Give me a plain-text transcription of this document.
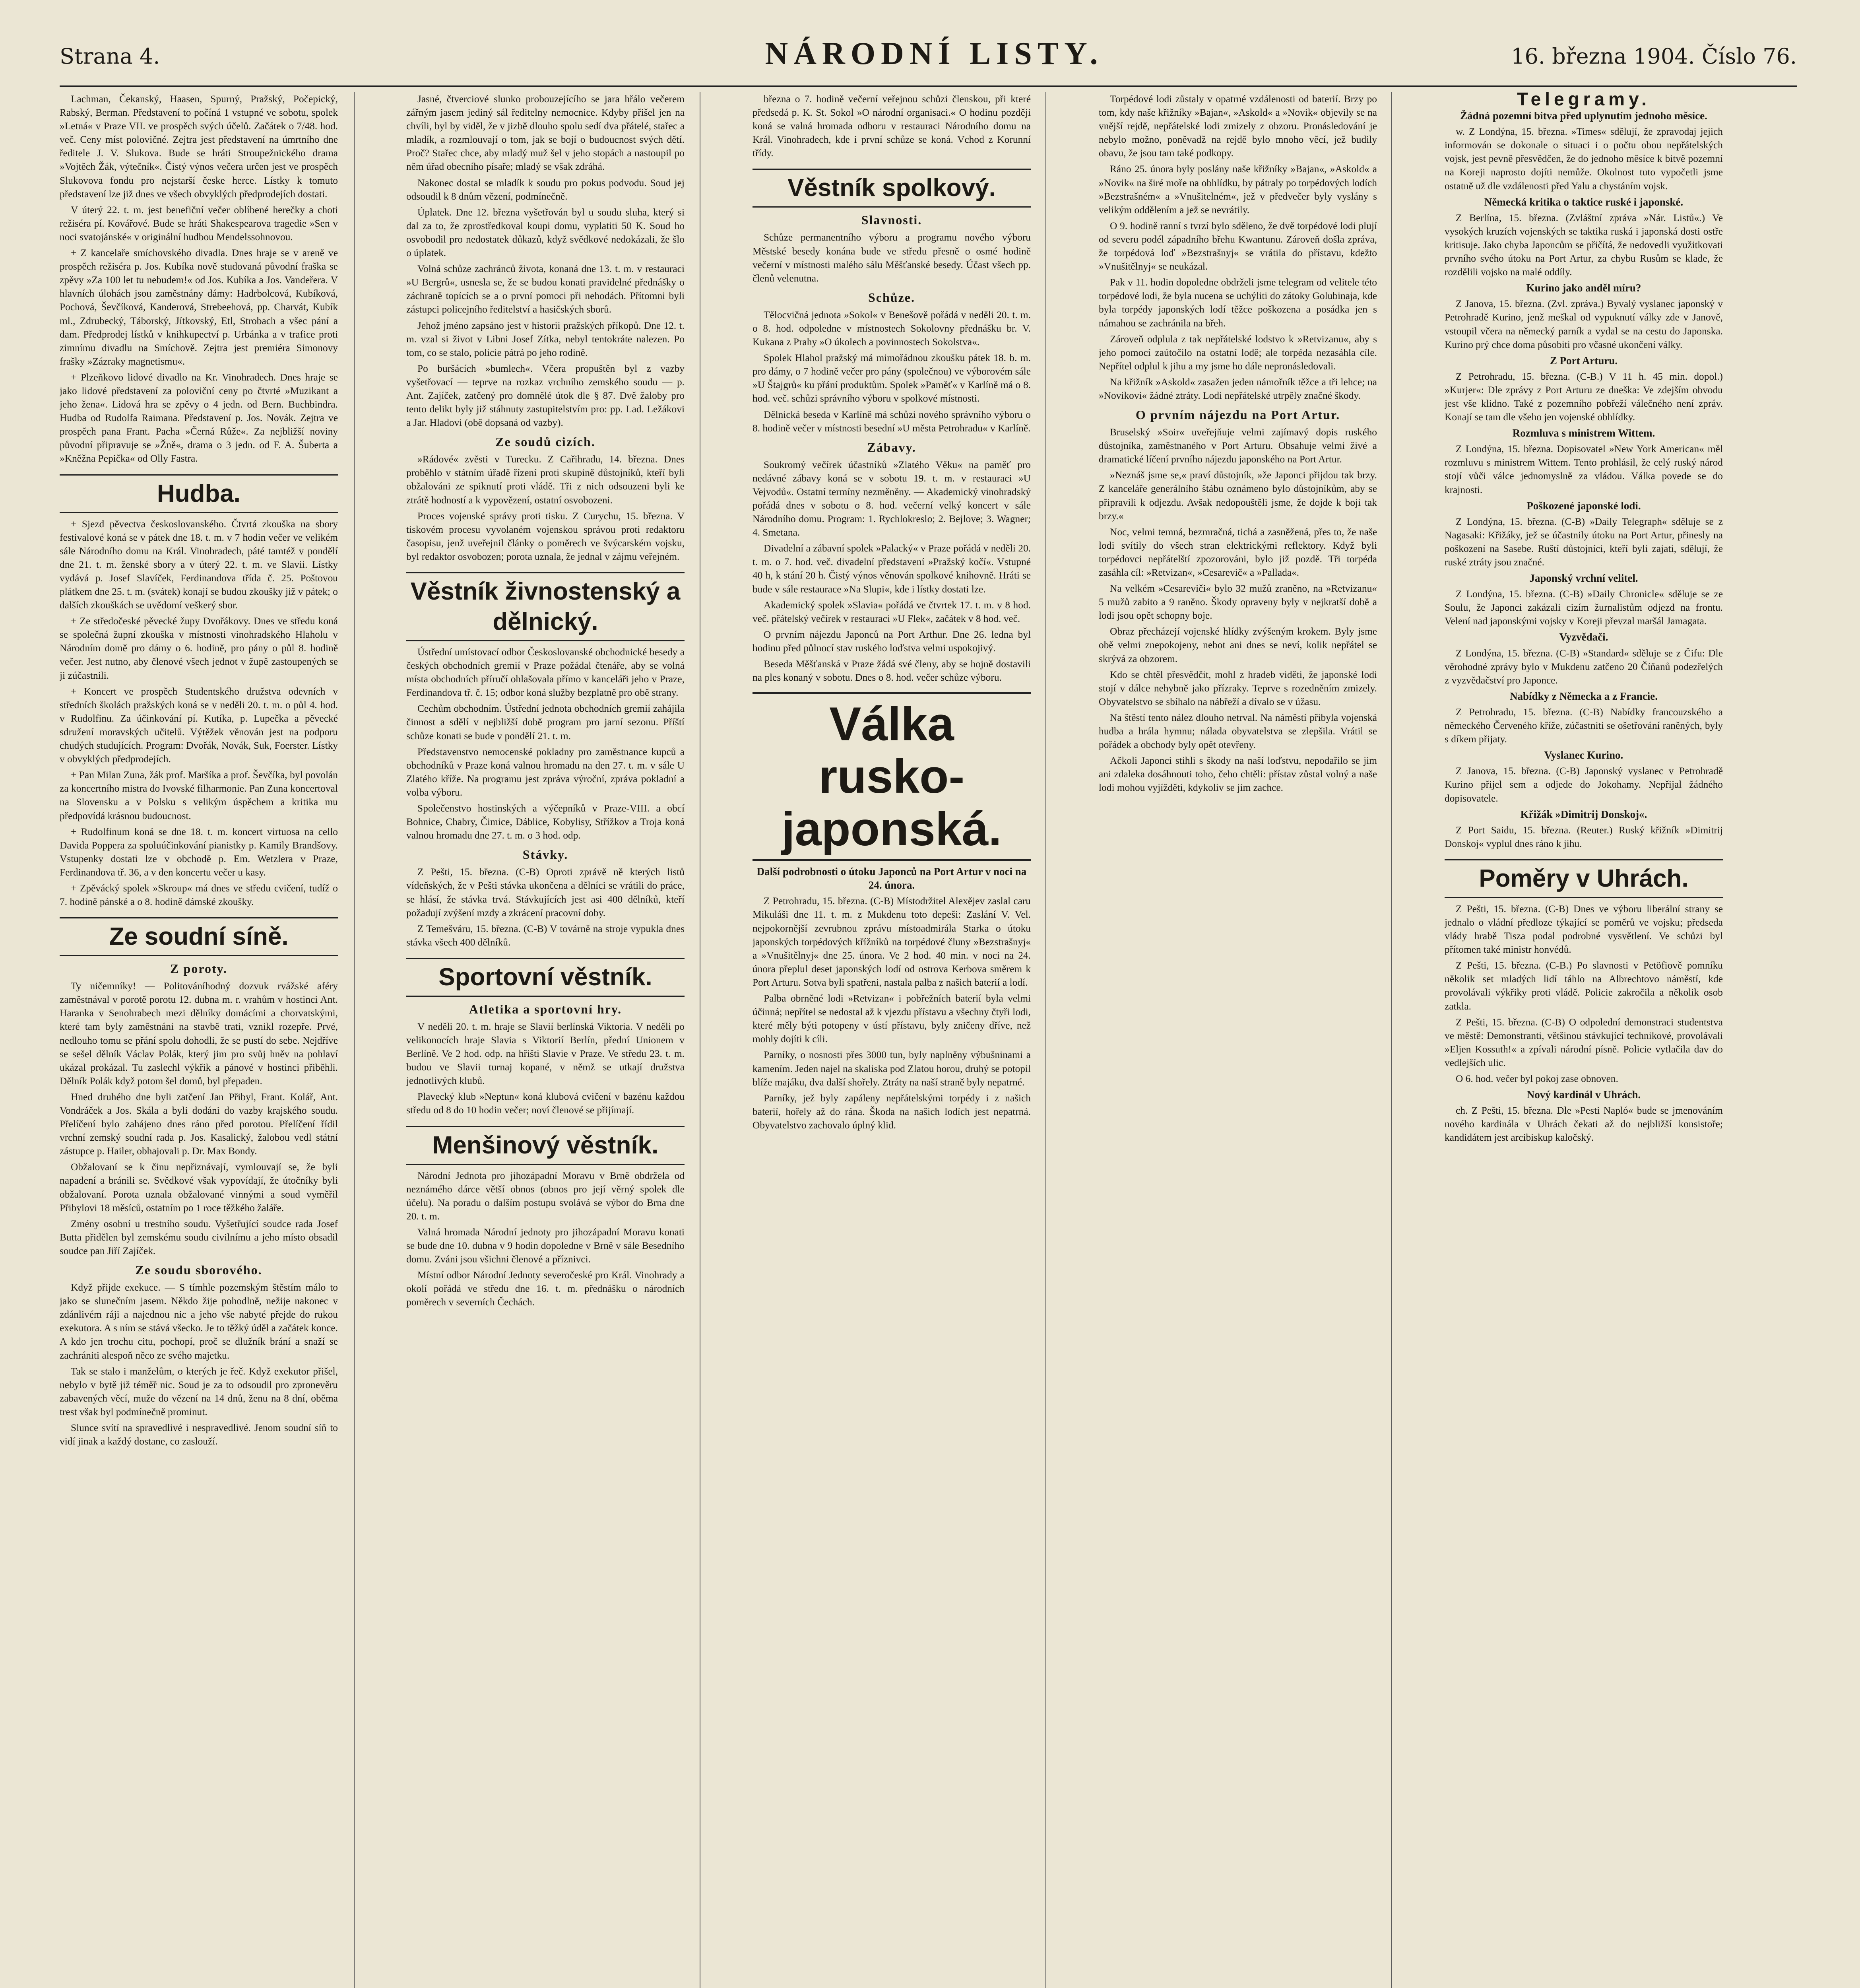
Strana 4.	NÁRODNÍ LISTY.	16. března 1904. Číslo 76.

Lachman, Čekanský, Haasen, Spurný, Pražský, Počepický, Rabský, Berman. Představení to počíná 1 vstupné ve sobotu, spolek »Letná« v Praze VII. ve prospěch svých účelů. Začátek o 7/48. hod. več. Ceny míst polovičné. Zejtra jest představení na úmrtního dne ředitele J. V. Slukova. Bude se hráti Stroupežnického drama »Vojtěch Žák, výtečník«. Čistý výnos večera určen jest ve prospěch Slukovova fondu pro nejstarší česke herce. Lístky k tomuto představení lze již dnes ve všech obvyklých předprodejích dostati.

V úterý 22. t. m. jest benefiční večer oblíbené herečky a choti režiséra pí. Kovářové. Bude se hráti Shakespearova tragedie »Sen v noci svatojánské« v originální hudbou Mendelssohnovou.

+ Z kancelaře smíchovského divadla. Dnes hraje se v areně ve prospěch režiséra p. Jos. Kubíka nově studovaná původní fraška se zpěvy »Za 100 let tu nebudem!« od Jos. Kubíka a Jos. Vandeřera. V hlavních úlohách jsou zaměstnány dámy: Hadrbolcová, Kubíková, Pochová, Ševčíková, Kanderová, Strebeehová, pp. Charvát, Kubík ml., Zdrubecký, Táborský, Jítkovský, Etl, Strobach a všec pání a dam. Předprodej lístků v knihkupectví p. Urbánka a v trafice proti zimnímu divadlu na Smíchově. Zejtra jest premiéra Simonovy frašky »Zázraky magnetismu«.

+ Plzeňkovo lidové divadlo na Kr. Vinohradech. Dnes hraje se jako lidové představení za poloviční ceny po čtvrté »Muzikant a jeho žena«. Lidová hra se zpěvy o 4 jedn. od Bern. Buchbindra. Hudba od Rudolfa Raimana. Představení p. Jos. Novák. Zejtra ve prospěch pana Frant. Pacha »Černá Růže«. Za nejbližší noviny původní připravuje se »Žně«, drama o 3 jedn. od F. A. Šuberta a »Kněžna Pepička« od Olly Fastra.

Hudba.

+ Sjezd pěvectva českoslovanského. Čtvrtá zkouška na sbory festivalové koná se v pátek dne 18. t. m. v 7 hodin večer ve velikém sále Národního domu na Král. Vinohradech, páté tamtéž v pondělí dne 21. t. m. ženské sbory a v úterý 22. t. m. ve Slavii. Lístky vydává p. Josef Slavíček, Ferdinandova třída č. 25. Poštovou plátkem dne 25. t. m. (svátek) konají se budou zkoušky již v pátek; o dalších zkouškách se uvědomí veškerý sbor.

+ Ze středočeské pěvecké župy Dvořákovy. Dnes ve středu koná se společná župní zkouška v místnosti vinohradského Hlaholu v Národním domě pro dámy o 6. hodině, pro pány o půl 8. hodině večer. Jest nutno, aby členové všech jednot v župě zastoupených se ji zúčastnili.

+ Koncert ve prospěch Studentského družstva odevních v středních školách pražských koná se v neděli 20. t. m. o půl 4. hod. v Rudolfinu. Za účinkování pí. Kutíka, p. Lupečka a pěvecké sdružení moravských učitelů. Výtěžek věnován jest na podporu chudých studujících. Program: Dvořák, Novák, Suk, Foerster. Lístky v obvyklých předprodejích.

+ Pan Milan Zuna, žák prof. Maršíka a prof. Ševčíka, byl povolán za koncertního mistra do Ivovské filharmonie. Pan Zuna koncertoval na Slovensku a v Polsku s velikým úspěchem a kritika mu předpovídá krásnou budoucnost.

+ Rudolfinum koná se dne 18. t. m. koncert virtuosa na cello Davida Poppera za spoluúčinkování pianistky p. Kamily Brandšovy. Vstupenky dostati lze v obchodě p. Em. Wetzlera v Praze, Ferdinandova tř. 36, a v den koncertu večer u kasy.

+ Zpěvácký spolek »Skroup« má dnes ve středu cvičení, tudíž o 7. hodině pánské a o 8. hodině dámské zkoušky.

Ze soudní síně.
Z poroty.

Ty ničemníky! — Politováníhodný dozvuk rvážské aféry zaměstnával v porotě porotu 12. dubna m. r. vrahům v hostinci Ant. Haranka v Senohrabech mezi dělníky domácími a chorvatskými, které tam byly zaměstnáni na stavbě trati, vznikl rozepře. Prvé, nedlouho tomu se přání spolu dohodli, že se pustí do sebe. Nejdříve se sešel dělník Václav Polák, který jim pro svůj hněv na pohlaví ukázal prokázal. Tu zaslechl výkřik a pánové v hostinci přiběhli. Dělník Polák když potom šel domů, byl přepaden.

Hned druhého dne byli zatčení Jan Přibyl, Frant. Kolář, Ant. Vondráček a Jos. Skála a byli dodáni do vazby krajského soudu. Přelíčení bylo zahájeno dnes ráno před porotou. Přelíčení řídil vrchní zemský soudní rada p. Jos. Kasalický, žalobou vedl státní zástupce p. Hailer, obhajovali p. Dr. Max Bondy.

Obžalovaní se k činu nepřiznávají, vymlouvají se, že byli napadení a bránili se. Svědkové však vypovídají, že útočníky byli obžalovaní. Porota uznala obžalované vinnými a soud vyměřil Přibylovi 18 měsíců, ostatním po 1 roce těžkého žaláře.

Zmény osobní u trestního soudu. Vyšetřující soudce rada Josef Butta přidělen byl zemskému soudu civilnímu a jeho místo obsadil soudce pan Jiří Zajíček.

Ze soudu sborového.

Když přijde exekuce. — S tímhle pozemským štěstím málo to jako se slunečním jasem. Někdo žije pohodlně, nežije nakonec v zdánlivém ráji a najednou nic a jeho vše nabyté přejde do rukou exekutora. A s ním se stává všecko. Je to těžký úděl a začátek konce. A kdo jen trochu citu, pochopí, proč se dlužník brání a snaží se zachrániti alespoň něco ze svého majetku.

Tak se stalo i manželům, o kterých je řeč. Když exekutor přišel, nebylo v bytě již téměř nic. Soud je za to odsoudil pro zpronevěru zabavených věcí, muže do vězení na 14 dnů, ženu na 8 dní, oběma trest však byl podmínečně prominut.

Slunce svítí na spravedlivé i nespravedlivé. Jenom soudní síň to vidí jinak a každý dostane, co zaslouží.

Jasné, čtverciové slunko probouzejícího se jara hřálo večerem zářným jasem jediný sál ředitelny nemocnice. Kdyby přišel jen na chvíli, byl by viděl, že v jizbě dlouho spolu sedí dva přátelé, stařec a mladík, a rozmlouvají o tom, jak se bojí o budoucnost svých dětí. Proč? Stařec chce, aby mladý muž šel v jeho stopách a nastoupil po něm úřad obecního písaře; mladý se však zdráhá.

Nakonec dostal se mladík k soudu pro pokus podvodu. Soud jej odsoudil k 8 dnům vězení, podmínečně.

Úplatek. Dne 12. března vyšetřován byl u soudu sluha, který si dal za to, že zprostředkoval koupi domu, vyplatiti 50 K. Soud ho osvobodil pro nedostatek důkazů, když svědkové nedokázali, že šlo o úplatek.

Volná schůze zachránců života, konaná dne 13. t. m. v restauraci »U Bergrů«, usnesla se, že se budou konati pravidelné přednášky o záchraně topících se a o první pomoci při nehodách. Přítomni byli zástupci policejního ředitelství a hasičských sborů.

Jehož jméno zapsáno jest v historii pražských příkopů. Dne 12. t. m. vzal si život v Libni Josef Zítka, nebyl tentokráte nalezen. Po tom, co se stalo, policie pátrá po jeho rodině.

Po buršácích »bumlech«. Včera propuštěn byl z vazby vyšetřovací — teprve na rozkaz vrchního zemského soudu — p. Ant. Zajíček, zatčený pro domnělé útok dle § 87. Dvě žaloby pro tento delikt byly již stáhnuty zastupitelstvím pro: pp. Lad. Ležákovi a Jar. Hladovi (obě dopsaná od vazby).

Ze soudů cizích.

»Rádové« zvěsti v Turecku. Z Cařihradu, 14. března. Dnes proběhlo v státním úřadě řízení proti skupině důstojníků, kteří byli obžalováni ze spiknutí proti vládě. Tři z nich odsouzeni byli ke ztrátě hodností a k vypovězení, ostatní osvobozeni.

Proces vojenské správy proti tisku. Z Curychu, 15. března. V tiskovém procesu vyvolaném vojenskou správou proti redaktoru časopisu, jenž uveřejnil články o poměrech ve švýcarském vojsku, byl redaktor osvobozen; porota uznala, že jednal v zájmu veřejném.

Věstník živnostenský a dělnický.

Ústřední umístovací odbor Českoslovanské obchodnické besedy a českých obchodních gremií v Praze požádal čtenáře, aby se volná místa obchodních příručí ohlašovala přímo v kanceláři jeho v Praze, Ferdinandova tř. č. 15; odbor koná služby bezplatně pro obě strany.

Cechům obchodním. Ústřední jednota obchodních gremií zahájila činnost a sdělí v nejbližší době program pro jarní sezonu. Příští schůze konati se bude v pondělí 21. t. m.

Představenstvo nemocenské pokladny pro zaměstnance kupců a obchodníků v Praze koná valnou hromadu na den 27. t. m. v sále U Zlatého kříže. Na programu jest zpráva výroční, zpráva pokladní a volba výboru.

Společenstvo hostinských a výčepníků v Praze-VIII. a obcí Bohnice, Chabry, Čimice, Dáblice, Kobylisy, Střížkov a Troja koná valnou hromadu dne 27. t. m. o 3 hod. odp.

Stávky.

Z Pešti, 15. března. (C-B) Oproti zprávě ně kterých listů vídeňských, že v Pešti stávka ukončena a dělníci se vrátili do práce, se hlásí, že stávka trvá. Stávkujících jest asi 400 dělníků, kteří požadují zvýšení mzdy a zkrácení pracovní doby.

Z Temešváru, 15. března. (C-B) V továrně na stroje vypukla dnes stávka všech 400 dělníků.

Sportovní věstník.
Atletika a sportovní hry.

V neděli 20. t. m. hraje se Slavií berlínská Viktoria. V neděli po velikonocích hraje Slavia s Viktorií Berlín, přední Unionem v Berlíně. Ve 2 hod. odp. na hřišti Slavie v Praze. Ve středu 23. t. m. budou ve Slavii turnaj kopané, v němž se utkají družstva jednotlivých klubů.

Plavecký klub »Neptun« koná klubová cvičení v bazénu každou středu od 8 do 10 hodin večer; noví členové se přijímají.

Menšinový věstník.

Národní Jednota pro jihozápadní Moravu v Brně obdržela od neznámého dárce větší obnos (obnos pro její věrný spolek dle účelu). Na poradu o dalším postupu svolává se výbor do Brna dne 20. t. m.

Valná hromada Národní jednoty pro jihozápadní Moravu konati se bude dne 10. dubna v 9 hodin dopoledne v Brně v sále Besedního domu. Zváni jsou všichni členové a příznivci.

Místní odbor Národní Jednoty severočeské pro Král. Vinohrady a okolí pořádá ve středu dne 16. t. m. přednášku o národních poměrech v severních Čechách.

března o 7. hodině večerní veřejnou schůzi členskou, při které předsedá p. K. St. Sokol »O národní organisaci.« O hodinu později koná se valná hromada odboru v restauraci Národního domu na Král. Vinohradech, kde i první schůze se koná. Vchod z Korunní třídy.

Věstník spolkový.
Slavnosti.

Schůze permanentního výboru a programu nového výboru Městské besedy konána bude ve středu přesně o osmé hodině večerní v místnosti malého sálu Měšťanské besedy. Účast všech pp. členů velenutna.

Schůze.

Tělocvičná jednota »Sokol« v Benešově pořádá v neděli 20. t. m. o 8. hod. odpoledne v místnostech Sokolovny přednášku br. V. Kukana z Prahy »O úkolech a povinnostech Sokolstva«.

Spolek Hlahol pražský má mimořádnou zkoušku pátek 18. b. m. pro dámy, o 7 hodině večer pro pány (společnou) ve výborovém sále »U Štajgrů« ku přání produktům. Spolek »Paměť« v Karlíně má o 8. hod. več. schůzi správního výboru v spolkové místnosti.

Dělnická beseda v Karlíně má schůzi nového správního výboru o 8. hodině večer v místnosti besední »U města Petrohradu« v Karlíně.

Zábavy.

Soukromý večírek účastníků »Zlatého Věku« na paměť pro nedávné zábavy koná se v sobotu 19. t. m. v restauraci »U Vejvodů«. Ostatní termíny nezměněny. — Akademický vinohradský pořádá dnes v sobotu o 8. hod. večerní velký koncert v sále Národního domu. Program: 1. Rychlokreslo; 2. Bejlove; 3. Wagner; 4. Smetana.

Divadelní a zábavní spolek »Palacký« v Praze pořádá v neděli 20. t. m. o 7. hod. več. divadelní představení »Pražský kočí«. Vstupné 40 h, k stání 20 h. Čistý výnos věnován spolkové knihovně. Hráti se bude v sále restaurace »Na Slupi«, kde i lístky dostati lze.

Akademický spolek »Slavia« pořádá ve čtvrtek 17. t. m. v 8 hod. več. přátelský večírek v restauraci »U Flek«, začátek v 8 hod. več.

O prvním nájezdu Japonců na Port Arthur. Dne 26. ledna byl hodinu před půlnocí stav ruského loďstva velmi uspokojivý.

Beseda Měšťanská v Praze žádá své členy, aby se hojně dostavili na ples konaný v sobotu. Dnes o 8. hod. večer schůze výboru.

Válka rusko-japonská.
Další podrobnosti o útoku Japonců na Port Artur v noci na 24. února.

Z Petrohradu, 15. března. (C-B) Místodržitel Alexějev zaslal caru Mikuláši dne 11. t. m. z Mukdenu toto depeši: Zaslání V. Vel. nejpokornější zevrubnou zprávu místoadmirála Starka o útoku japonských torpédových křížníků na torpédové čluny »Bezstrašnyj« a »Vnušitělnyj« dne 25. února. Ve 2 hod. 40 min. v noci na 24. února přeplul deset japonských lodí od ostrova Kerbova směrem k Port Arturu. Sotva byli spatřeni, nastala palba z našich baterií a lodí.

Palba obrněné lodi »Retvizan« i pobřežních baterií byla velmi účinná; nepřítel se nedostal až k vjezdu přístavu a všechny čtyři lodi, které měly býti potopeny v ústí přístavu, byly zničeny dříve, než mohly dojíti k cíli.

Parníky, o nosnosti přes 3000 tun, byly naplněny výbušninami a kamením. Jeden najel na skaliska pod Zlatou horou, druhý se potopil blíže majáku, dva další shořely. Ztráty na naší straně byly nepatrné.

Parníky, jež byly zapáleny nepřátelskými torpédy i z našich baterií, hořely až do rána. Škoda na našich lodích jest nepatrná. Obyvatelstvo zachovalo úplný klid.

Torpédové lodi zůstaly v opatrné vzdálenosti od baterií. Brzy po tom, kdy naše křižníky »Bajan«, »Askold« a »Novik« objevily se na vnější rejdě, nepřátelské lodi zmizely z obzoru. Pronásledování je nebylo možno, poněvadž na rejdě bylo mnoho věcí, jež budily obavu, že jsou tam také podkopy.

Ráno 25. února byly poslány naše křižníky »Bajan«, »Askold« a »Novik« na širé moře na obhlídku, by pátraly po torpédových lodích »Bezstrašném« a »Vnušitelném«, jež v předvečer byly vyslány s velikým oddělením a jež se nevrátily.

O 9. hodině ranní s tvrzí bylo sděleno, že dvě torpédové lodi plují od severu podél západního břehu Kwantunu. Zároveň došla zpráva, že torpédová loď »Bezstrašnyj« se vrátila do přístavu, kdežto »Vnušitělnyj« se neukázal.

Pak v 11. hodin dopoledne obdrželi jsme telegram od velitele této torpédové lodi, že byla nucena se uchýliti do zátoky Golubinaja, kde byla torpédy japonských lodí těžce poškozena a posádka jen s námahou se zachránila na břeh.

Zároveň odplula z tak nepřátelské lodstvo k »Retvizanu«, aby s jeho pomocí zaútočilo na ostatní lodě; ale torpéda nezasáhla cíle. Nepřítel odplul k jihu a my jsme ho dále nepronásledovali.

Na křižník »Askold« zasažen jeden námořník těžce a tři lehce; na »Novikovi« žádné ztráty. Lodi nepřátelské utrpěly značné škody.

O prvním nájezdu na Port Artur.

Bruselský »Soir« uveřejňuje velmi zajímavý dopis ruského důstojníka, zaměstnaného v Port Arturu. Obsahuje velmi živé a dramatické líčení prvního nájezdu japonského na Port Artur.

»Neznáš jsme se,« praví důstojník, »že Japonci přijdou tak brzy. Z kanceláře generálního štábu oznámeno bylo důstojníkům, aby se připravili k odjezdu. Avšak nedopouštěli jsme, že dojde k boji tak brzy.«

Noc, velmi temná, bezmračná, tichá a zasněžená, přes to, že naše lodi svítily do všech stran elektrickými reflektory. Když byli torpédovci nepřátelští zpozorováni, bylo již pozdě. Tři torpéda zasáhla cíl: »Retvizan«, »Cesarevič« a »Pallada«.

Na velkém »Cesareviči« bylo 32 mužů zraněno, na »Retvizanu« 5 mužů zabito a 9 raněno. Škody opraveny byly v nejkratší době a lodi jsou opět schopny boje.

Obraz přecházejí vojenské hlídky zvýšeným krokem. Byly jsme obě velmi znepokojeny, nebot ani dnes se neví, kolik nepřátel se skrývá za obzorem.

Kdo se chtěl přesvědčit, mohl z hradeb viděti, že japonské lodi stojí v dálce nehybně jako přízraky. Teprve s rozedněním zmizely. Obyvatelstvo se sbíhalo na nábřeží a dívalo se v úžasu.

Na štěstí tento nález dlouho netrval. Na náměstí přibyla vojenská hudba a hrála hymnu; nálada obyvatelstva se zlepšila. Vrátil se pořádek a obchody byly opět otevřeny.

Ačkoli Japonci stihli s škody na naší loďstvu, nepodařilo se jim ani zdaleka dosáhnouti toho, čeho chtěli: přístav zůstal volný a naše lodi mohou vyjížděti, kdykoliv se jim zachce.

Telegramy.
Žádná pozemní bitva před uplynutím jednoho měsíce.

w. Z Londýna, 15. března. »Times« sdělují, že zpravodaj jejich informován se dokonale o situaci i o počtu obou nepřátelských vojsk, jest pevně přesvědčen, že do jednoho měsíce k bitvě pozemní na Koreji naprosto dojíti nemůže. Okolnost tuto vypočetli jsme ostatně už dle vzdálenosti před Yalu a chystáním vojsk.

Německá kritika o taktice ruské i japonské.

Z Berlína, 15. března. (Zvláštní zpráva »Nár. Listů«.) Ve vysokých kruzích vojenských se taktika ruská i japonská dosti ostře kritisuje. Jako chyba Japoncům se přičítá, že nedovedli využitkovati prvního svého útoku na Port Artur, za chybu Rusům se klade, že rozdělili vojsko na malé oddíly.

Kurino jako anděl míru?

Z Janova, 15. března. (Zvl. zpráva.) Byvalý vyslanec japonský v Petrohradě Kurino, jenž meškal od vypuknutí války zde v Janově, vstoupil včera na německý parník a vydal se na cestu do Japonska. Kurino prý chce doma působiti pro včasné ukončení války.

Z Port Arturu.

Z Petrohradu, 15. března. (C-B.) V 11 h. 45 min. dopol.) »Kurjer«: Dle zprávy z Port Arturu ze dneška: Ve zdejším obvodu jest vše klidno. Také z pozemního pobřeží válečného není zpráv. Konají se tam dle všeho jen vojenské obhlídky.

Rozmluva s ministrem Wittem.

Z Londýna, 15. března. Dopisovatel »New York American« měl rozmluvu s ministrem Wittem. Tento prohlásil, že celý ruský národ stojí vůči válce jednomyslně za vládou. Válka povede se do krajnosti.

Poškozené japonské lodi.

Z Londýna, 15. března. (C-B) »Daily Telegraph« sděluje se z Nagasaki: Křižáky, jež se účastnily útoku na Port Artur, přinesly na poškození na Sasebe. Ruští důstojníci, kteří byli zajati, sdělují, že ruské ztráty jsou značné.

Japonský vrchní velitel.

Z Londýna, 15. března. (C-B) »Daily Chronicle« sděluje se ze Soulu, že Japonci zakázali cizím žurnalistům odjezd na frontu. Velení nad japonskými vojsky v Koreji převzal maršál Jamagata.

Vyzvědači.

Z Londýna, 15. března. (C-B) »Standard« sděluje se z Čifu: Dle věrohodné zprávy bylo v Mukdenu zatčeno 20 Číňanů podezřelých z vyzvědačství pro Japonce.

Nabídky z Německa a z Francie.

Z Petrohradu, 15. března. (C-B) Nabídky francouzského a německého Červeného kříže, zúčastniti se ošetřování raněných, byly s díkem přijaty.

Vyslanec Kurino.

Z Janova, 15. března. (C-B) Japonský vyslanec v Petrohradě Kurino přijel sem a odjede do Jokohamy. Nepřijal žádného dopisovatele.

Křižák »Dimitrij Donskoj«.

Z Port Saidu, 15. března. (Reuter.) Ruský křižník »Dimitrij Donskoj« vyplul dnes ráno k jihu.

Poměry v Uhrách.

Z Pešti, 15. března. (C-B) Dnes ve výboru liberální strany se jednalo o vládní předloze týkající se poměrů ve vojsku; předseda vlády hrabě Tisza podal podrobné vysvětlení. Ve schůzi byl přítomen také ministr honvédů.

Z Pešti, 15. března. (C-B.) Po slavnosti v Petöfiově pomníku několik set mladých lidí táhlo na Albrechtovo náměstí, kde provolávali výkřiky proti vládě. Policie zakročila a několik osob zatkla.

Z Pešti, 15. března. (C-B) O odpolední demonstraci studentstva ve městě: Demonstranti, většinou stávkující technikové, provolávali »Eljen Kossuth!« a zpívali národní písně. Policie vytlačila dav do vedlejších ulic.

O 6. hod. večer byl pokoj zase obnoven.

Nový kardinál v Uhrách.

ch. Z Pešti, 15. března. Dle »Pesti Napló« bude se jmenováním nového kardinála v Uhrách čekati až do nejbližší konsistoře; kandidátem jest arcibiskup kaločský.
